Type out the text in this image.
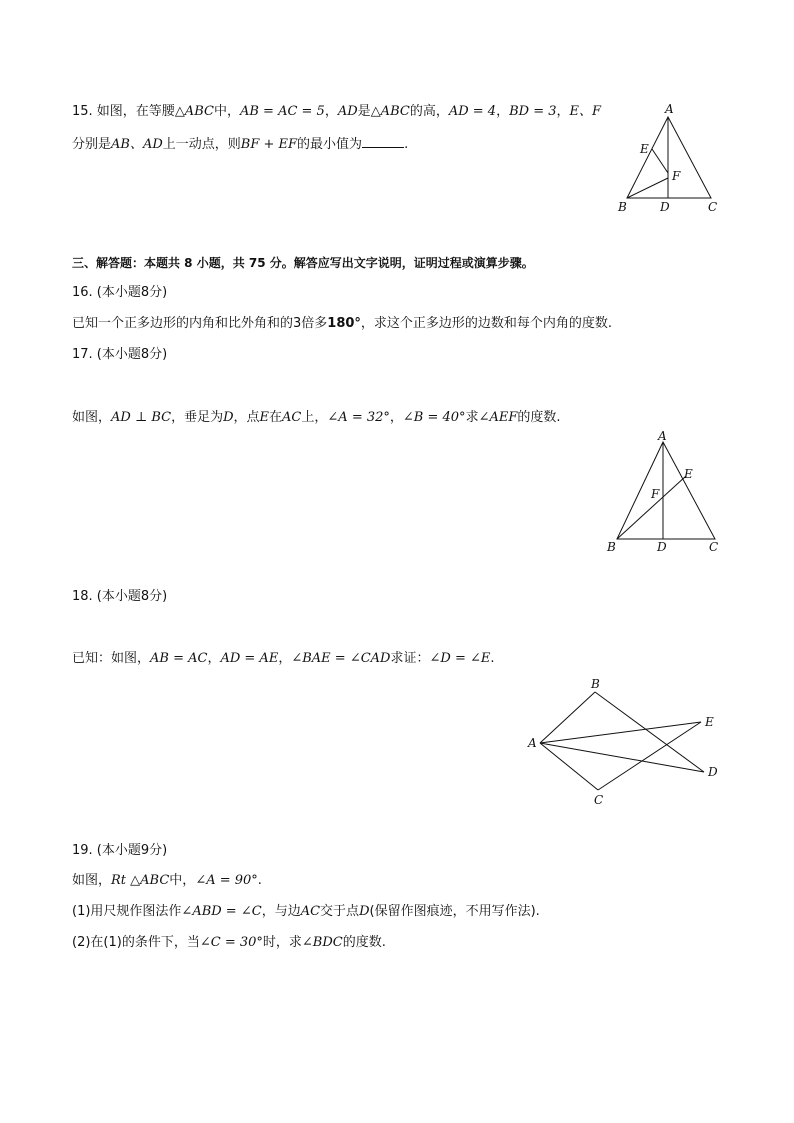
15. 如图，在等腰△ABC中，AB = AC = 5，AD是△ABC的高，AD = 4，BD = 3，E、F
分别是AB、AD上一动点，则BF + EF的最小值为	.
A
B	C
D
E
F
三、解答题：本题共 8 小题，共 75 分。解答应写出文字说明，证明过程或演算步骤。
16. (本小题8分)
已知一个正多边形的内角和比外角和的3倍多180°，求这个正多边形的边数和每个内角的度数.
17. (本小题8分)
如图，AD ⊥ BC，垂足为D，点E在AC上，∠A = 32°，∠B = 40°求∠AEF的度数.
A
B	C
D
E
F
18. (本小题8分)
已知：如图，AB = AC，AD = AE，∠BAE = ∠CAD求证：∠D = ∠E.
A
B
C
D
E
19. (本小题9分)
如图，Rt △ABC中，∠A = 90°.
(1)用尺规作图法作∠ABD = ∠C，与边AC交于点D(保留作图痕迹，不用写作法).
(2)在(1)的条件下，当∠C = 30°时，求∠BDC的度数.
